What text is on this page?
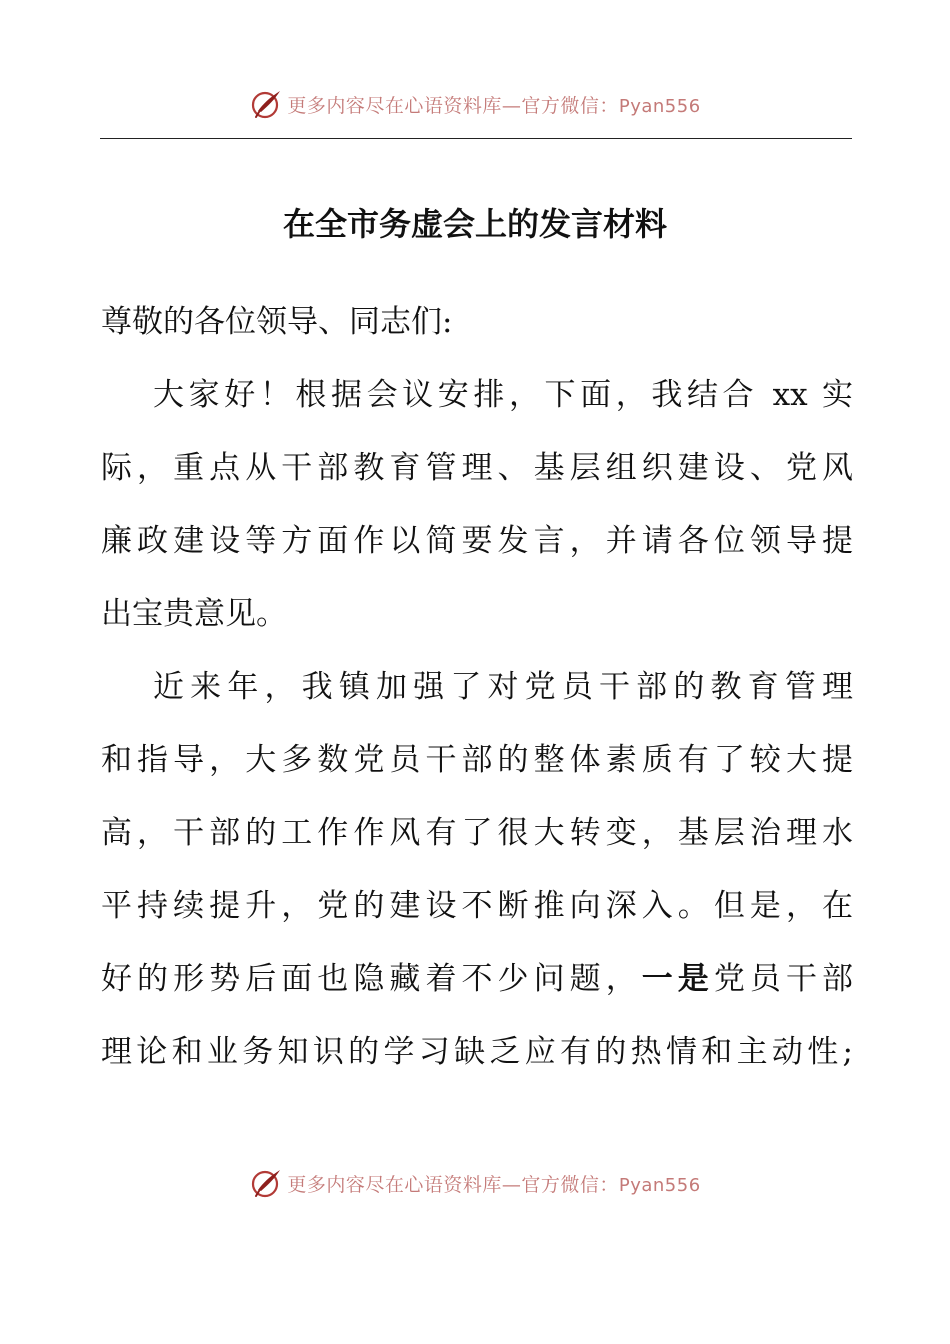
更多内容尽在心语资料库—官方微信：Pyan556
在全市务虚会上的发言材料
尊敬的各位领导、同志们:
大家好！根据会议安排，下面，我结合 xx 实
际，重点从干部教育管理、基层组织建设、党风
廉政建设等方面作以简要发言，并请各位领导提
出宝贵意见。
近来年，我镇加强了对党员干部的教育管理
和指导，大多数党员干部的整体素质有了较大提
高，干部的工作作风有了很大转变，基层治理水
平持续提升，党的建设不断推向深入。但是，在
好的形势后面也隐藏着不少问题，一是党员干部
理论和业务知识的学习缺乏应有的热情和主动性;
更多内容尽在心语资料库—官方微信：Pyan556
